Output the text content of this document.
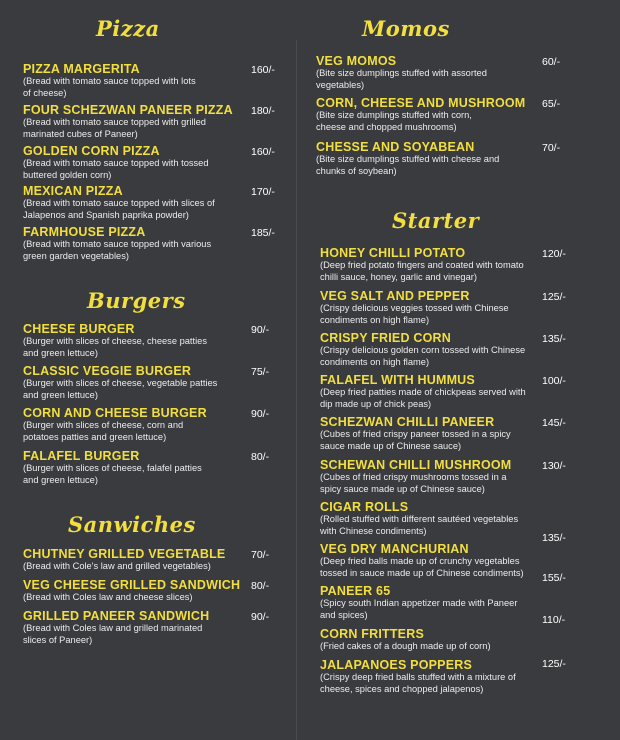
Pizza
PIZZA MARGERITA
(Bread with tomato sauce topped with lots
of cheese)
160/-
FOUR SCHEZWAN PANEER PIZZA
(Bread with tomato sauce topped with grilled
marinated cubes of Paneer)
180/-
GOLDEN CORN PIZZA
(Bread with tomato sauce topped with tossed
buttered golden corn)
160/-
MEXICAN PIZZA
(Bread with tomato sauce topped with slices of
Jalapenos and Spanish paprika powder)
170/-
FARMHOUSE PIZZA
(Bread with tomato sauce topped with various
green garden vegetables)
185/-
Burgers
CHEESE BURGER
(Burger with slices of cheese, cheese patties
and green lettuce)
90/-
CLASSIC VEGGIE BURGER
(Burger with slices of cheese, vegetable patties
and green lettuce)
75/-
CORN AND CHEESE BURGER
(Burger with slices of cheese, corn and
potatoes patties and green lettuce)
90/-
FALAFEL BURGER
(Burger with slices of cheese, falafel patties
and green lettuce)
80/-
Sanwiches
CHUTNEY GRILLED VEGETABLE
(Bread with Cole's law and grilled vegetables)
70/-
VEG CHEESE GRILLED SANDWICH
(Bread with Coles law and cheese slices)
80/-
GRILLED PANEER SANDWICH
(Bread with Coles law and grilled marinated
slices of Paneer)
90/-
Momos
VEG MOMOS
(Bite size dumplings stuffed with assorted
vegetables)
60/-
CORN, CHEESE AND MUSHROOM
(Bite size dumplings stuffed with corn,
cheese and chopped mushrooms)
65/-
CHESSE AND SOYABEAN
(Bite size dumplings stuffed with cheese and
chunks of soybean)
70/-
Starter
HONEY CHILLI POTATO
(Deep fried potato fingers and coated with tomato
chilli sauce, honey, garlic and vinegar)
120/-
VEG SALT AND PEPPER
(Crispy delicious veggies tossed with Chinese
condiments on high flame)
125/-
CRISPY FRIED CORN
(Crispy delicious golden corn tossed with Chinese
condiments on high flame)
135/-
FALAFEL WITH HUMMUS
(Deep fried patties made of chickpeas served with
dip made up of chick peas)
100/-
SCHEZWAN CHILLI PANEER
(Cubes of fried crispy paneer tossed in a spicy
sauce made up of Chinese sauce)
145/-
SCHEWAN CHILLI MUSHROOM
(Cubes of fried crispy mushrooms tossed in a
spicy sauce made up of Chinese sauce)
130/-
CIGAR ROLLS
(Rolled stuffed with different sautéed vegetables
with Chinese condiments)
135/-
VEG DRY MANCHURIAN
(Deep fried balls made up of crunchy vegetables
tossed in sauce made up of Chinese condiments) 155/-
PANEER 65
(Spicy south Indian appetizer made with Paneer
and spices)	110/-
CORN FRITTERS
(Fried cakes of a dough made up of corn)
JALAPANOES POPPERS
(Crispy deep fried balls stuffed with a mixture of
cheese, spices and chopped jalapenos)
125/-
